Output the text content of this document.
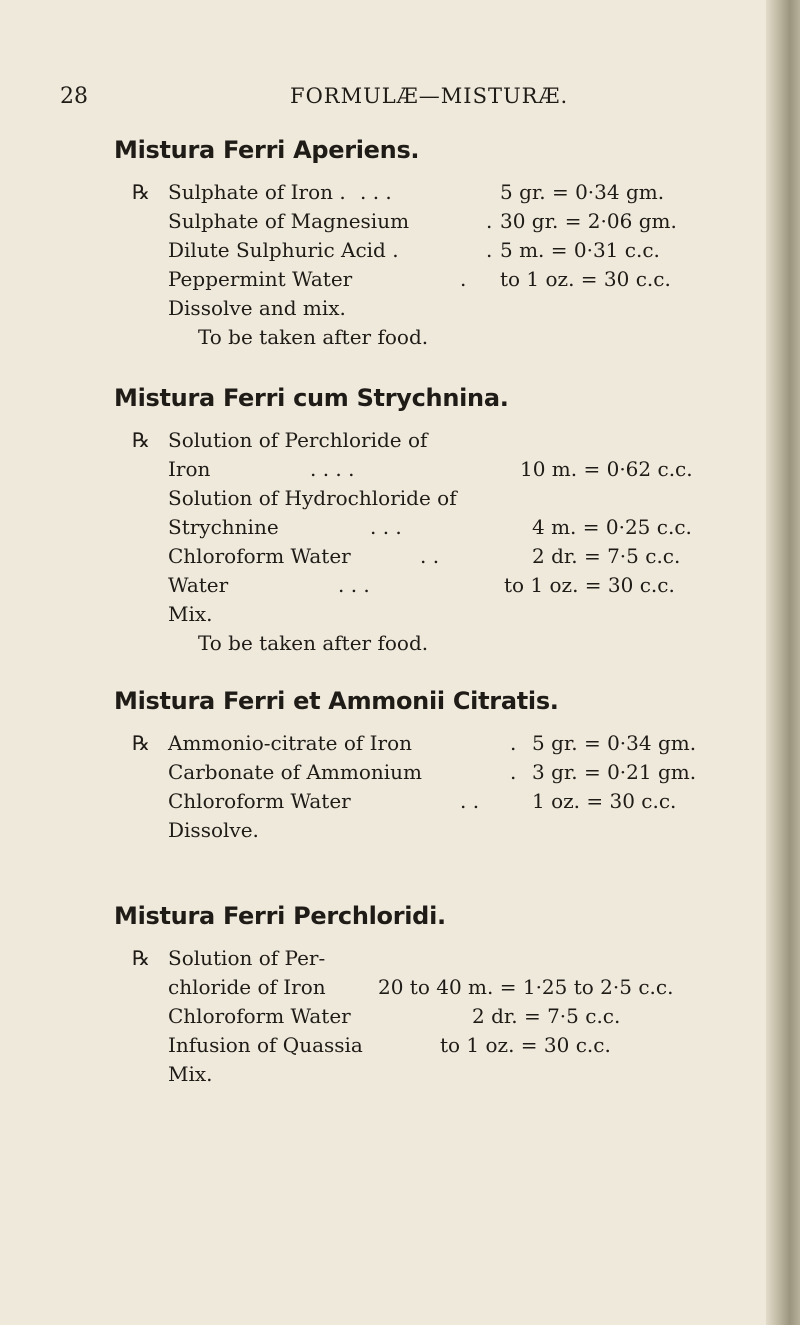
28	FORMULÆ—MISTURÆ.
Mistura Ferri Aperiens.
℞ Sulphate of Iron . . . .	5 gr. = 0·34 gm.
Sulphate of Magnesium	. 30 gr. = 2·06 gm.
Dilute Sulphuric Acid .	. 5 m. = 0·31 c.c.
Peppermint Water	. to 1 oz. = 30 c.c.
Dissolve and mix.
To be taken after food.
Mistura Ferri cum Strychnina.
℞ Solution of Perchloride of
Iron	. . . .	10 m. = 0·62 c.c.
Solution of Hydrochloride of
Strychnine	. . .	4 m. = 0·25 c.c.
Chloroform Water	. .	2 dr. = 7·5 c.c.
Water	. . .	to 1 oz. = 30 c.c.
Mix.
To be taken after food.
Mistura Ferri et Ammonii Citratis.
℞ Ammonio-citrate of Iron	. 5 gr. = 0·34 gm.
Carbonate of Ammonium	. 3 gr. = 0·21 gm.
Chloroform Water	. .	1 oz. = 30 c.c.
Dissolve.
Mistura Ferri Perchloridi.
℞ Solution of Per-
chloride of Iron	20 to 40 m. = 1·25 to 2·5 c.c.
Chloroform Water	2 dr. = 7·5 c.c.
Infusion of Quassia	to 1 oz. = 30 c.c.
Mix.
